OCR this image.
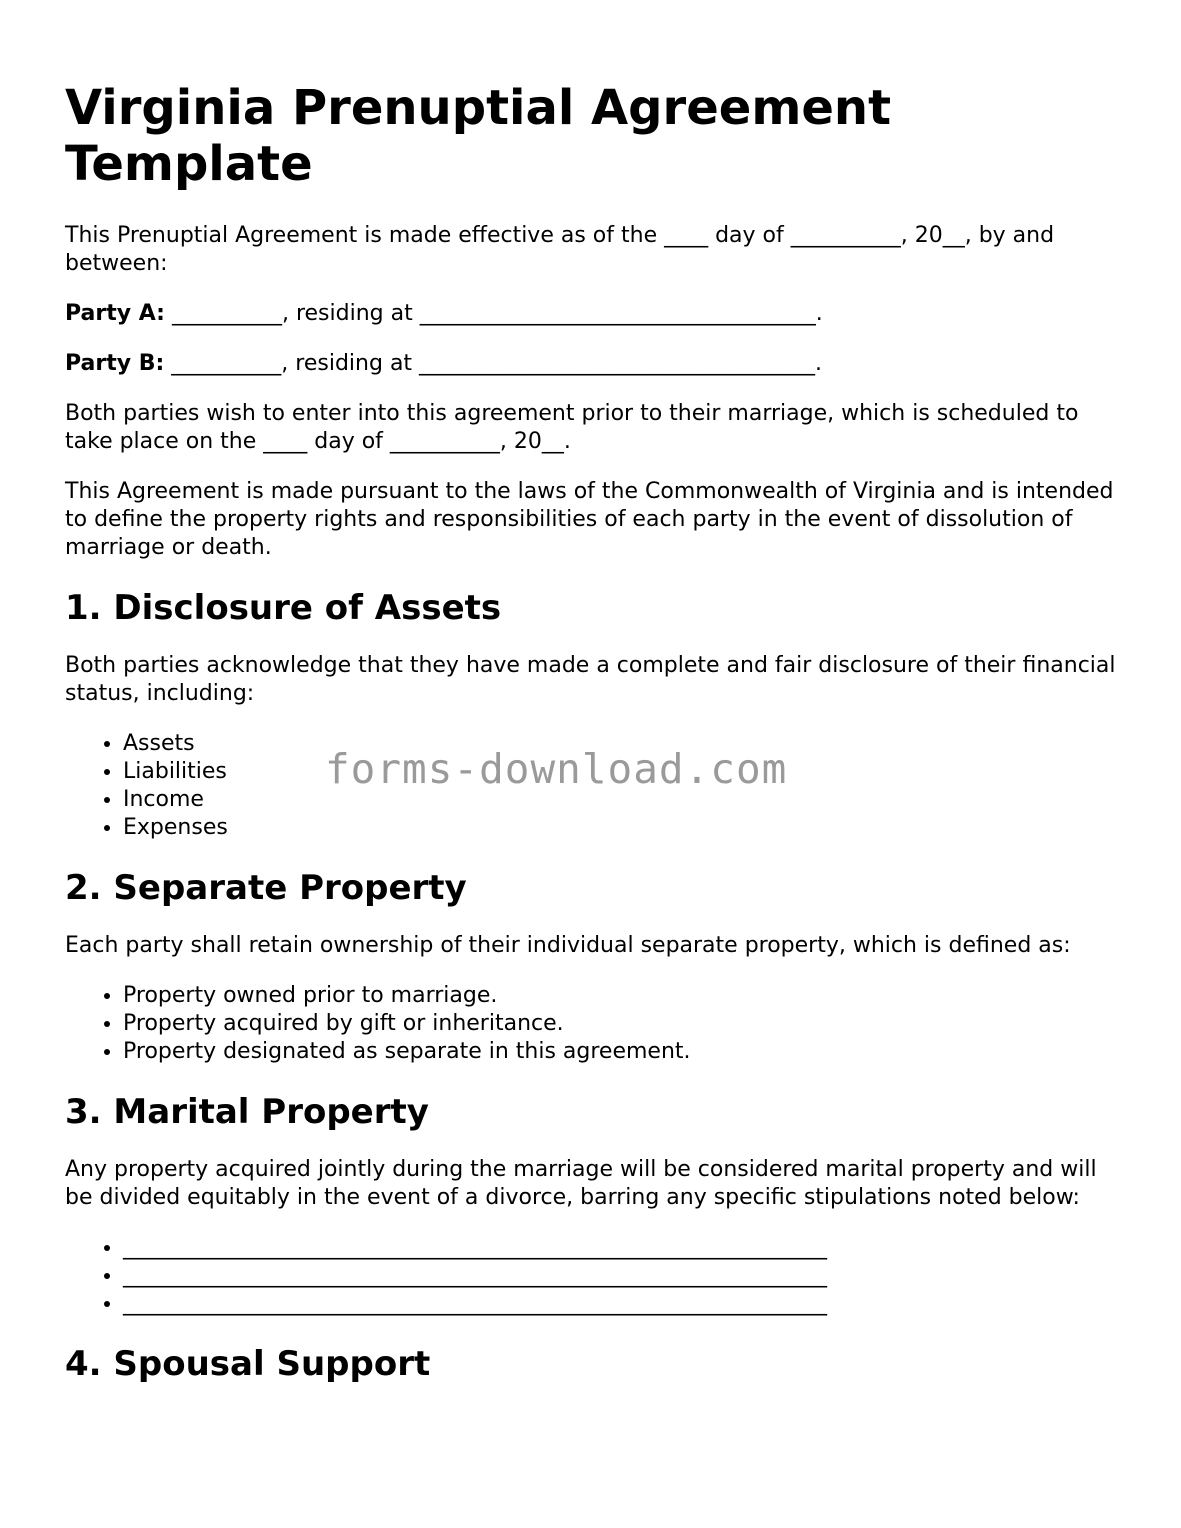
Virginia Prenuptial Agreement Template

This Prenuptial Agreement is made effective as of the ____ day of __________, 20__, by and between:

Party A: __________, residing at ____________________________________.

Party B: __________, residing at ____________________________________.

Both parties wish to enter into this agreement prior to their marriage, which is scheduled to take place on the ____ day of __________, 20__.

This Agreement is made pursuant to the laws of the Commonwealth of Virginia and is intended to define the property rights and responsibilities of each party in the event of dissolution of marriage or death.

1. Disclosure of Assets

Both parties acknowledge that they have made a complete and fair disclosure of their financial status, including:

• Assets
• Liabilities
• Income
• Expenses
2. Separate Property

Each party shall retain ownership of their individual separate property, which is defined as:

• Property owned prior to marriage.
• Property acquired by gift or inheritance.
• Property designated as separate in this agreement.
3. Marital Property

Any property acquired jointly during the marriage will be considered marital property and will be divided equitably in the event of a divorce, barring any specific stipulations noted below:

• ________________________________________________________________
• ________________________________________________________________
• ________________________________________________________________
4. Spousal Support
forms-download.com
